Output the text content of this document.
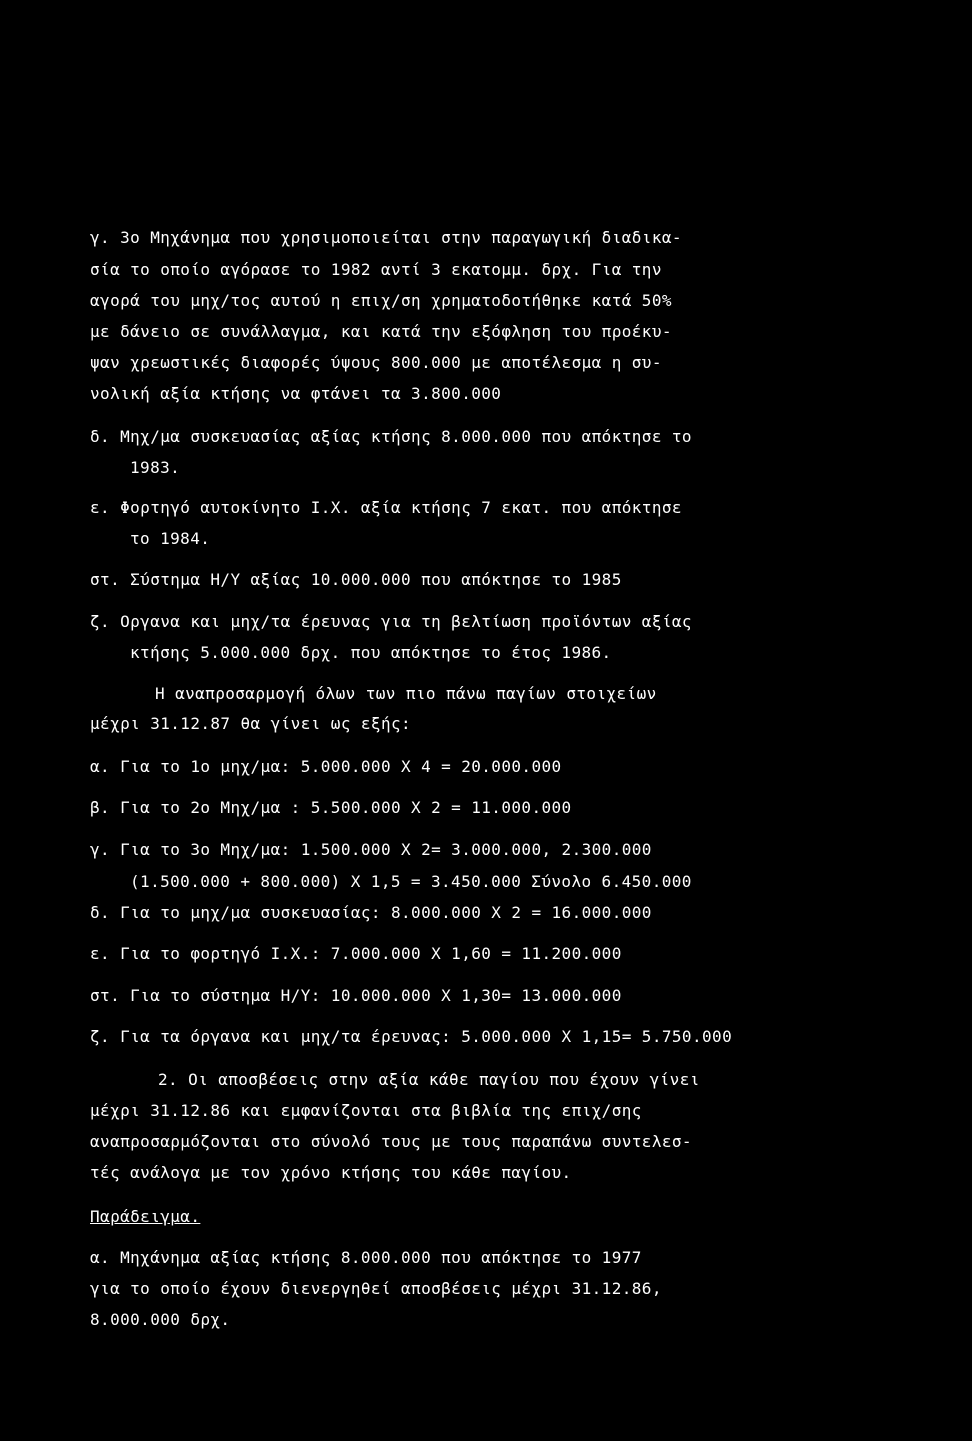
γ. 3ο Μηχάνημα που χρησιμοποιείται στην παραγωγική διαδικα-
σία το οποίο αγόρασε το 1982 αντί 3 εκατομμ. δρχ. Για την
αγορά του μηχ/τος αυτού η επιχ/ση χρηματοδοτήθηκε κατά 50%
με δάνειο σε συνάλλαγμα, και κατά την εξόφληση του προέκυ-
ψαν χρεωστικές διαφορές ύψους 800.000 με αποτέλεσμα η συ-
νολική αξία κτήσης να φτάνει τα 3.800.000
δ. Μηχ/μα συσκευασίας αξίας κτήσης 8.000.000 που απόκτησε το
1983.
ε. Φορτηγό αυτοκίνητο Ι.Χ. αξία κτήσης 7 εκατ. που απόκτησε
το 1984.
στ. Σύστημα Η/Υ αξίας 10.000.000 που απόκτησε το 1985
ζ. Οργανα και μηχ/τα έρευνας για τη βελτίωση προϊόντων αξίας
κτήσης 5.000.000 δρχ. που απόκτησε το έτος 1986.
Η αναπροσαρμογή όλων των πιο πάνω παγίων στοιχείων
μέχρι 31.12.87 θα γίνει ως εξής:
α. Για το 1ο μηχ/μα: 5.000.000 Χ 4 = 20.000.000
β. Για το 2ο Μηχ/μα : 5.500.000 Χ 2 = 11.000.000
γ. Για το 3ο Μηχ/μα: 1.500.000 Χ 2= 3.000.000, 2.300.000
(1.500.000 + 800.000) Χ 1,5 = 3.450.000 Σύνολο 6.450.000
δ. Για το μηχ/μα συσκευασίας: 8.000.000 Χ 2 = 16.000.000
ε. Για το φορτηγό Ι.Χ.: 7.000.000 Χ 1,60 = 11.200.000
στ. Για το σύστημα Η/Υ: 10.000.000 Χ 1,30= 13.000.000
ζ. Για τα όργανα και μηχ/τα έρευνας: 5.000.000 Χ 1,15= 5.750.000
2. Οι αποσβέσεις στην αξία κάθε παγίου που έχουν γίνει
μέχρι 31.12.86 και εμφανίζονται στα βιβλία της επιχ/σης
αναπροσαρμόζονται στο σύνολό τους με τους παραπάνω συντελεσ-
τές ανάλογα με τον χρόνο κτήσης του κάθε παγίου.
Παράδειγμα.
α. Μηχάνημα αξίας κτήσης 8.000.000 που απόκτησε το 1977
για το οποίο έχουν διενεργηθεί αποσβέσεις μέχρι 31.12.86,
8.000.000 δρχ.
